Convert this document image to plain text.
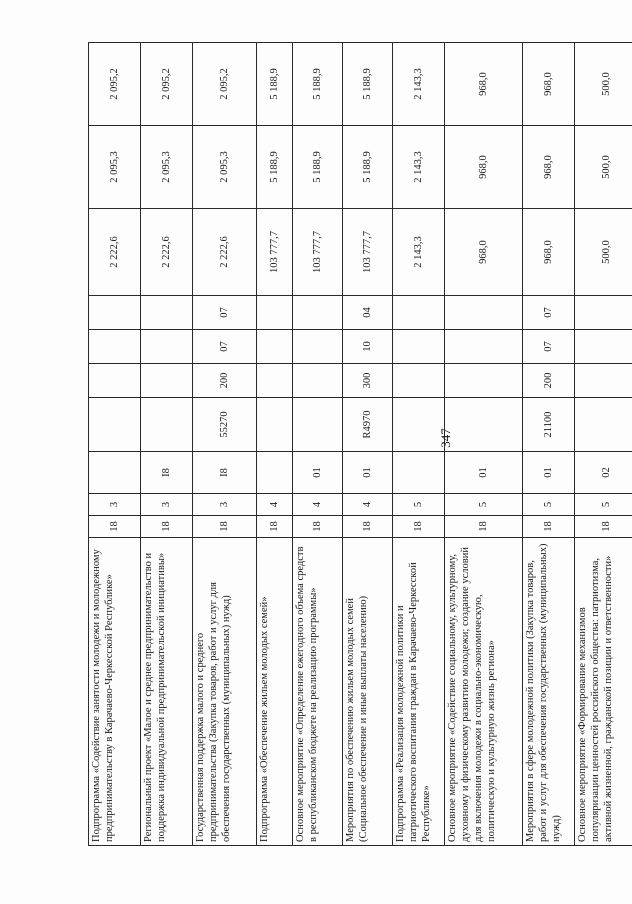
347
Подпрограмма «Содействие занятости молодежи и молодежному предпринимательству в Карачаево-Черкесской Республике»	18	3						2 222,6	2 095,3	2 095,2
Региональный проект «Малое и среднее предпринимательство и поддержка индивидуальной предпринимательской инициативы»	18	3	I8					2 222,6	2 095,3	2 095,2
Государственная поддержка малого и среднего предпринимательства (Закупка товаров, работ и услуг для обеспечения государственных (муниципальных) нужд)	18	3	I8	55270	200	07	07	2 222,6	2 095,3	2 095,2
Подпрограмма «Обеспечение жильем молодых семей»	18	4						103 777,7	5 188,9	5 188,9
Основное мероприятие «Определение ежегодного объема средств в республиканском бюджете на реализацию программы»	18	4	01					103 777,7	5 188,9	5 188,9
Мероприятия по обеспечению жильем молодых семей (Социальное обеспечение и иные выплаты населению)	18	4	01	R4970	300	10	04	103 777,7	5 188,9	5 188,9
Подпрограмма «Реализация молодежной политики и патриотического воспитания граждан в Карачаево-Черкесской Республике»	18	5						2 143,3	2 143,3	2 143,3
Основное мероприятие «Содействие социальному, культурному, духовному и физическому развитию молодежи; создание условий для включения молодежи в социально-экономическую, политическую и культурную жизнь региона»	18	5	01					968,0	968,0	968,0
Мероприятия в сфере молодежной политики (Закупка товаров, работ и услуг для обеспечения государственных (муниципальных) нужд)	18	5	01	21100	200	07	07	968,0	968,0	968,0
Основное мероприятие «Формирование механизмов популяризации ценностей российского общества: патриотизма, активной жизненной, гражданской позиции и ответственности»	18	5	02					500,0	500,0	500,0
